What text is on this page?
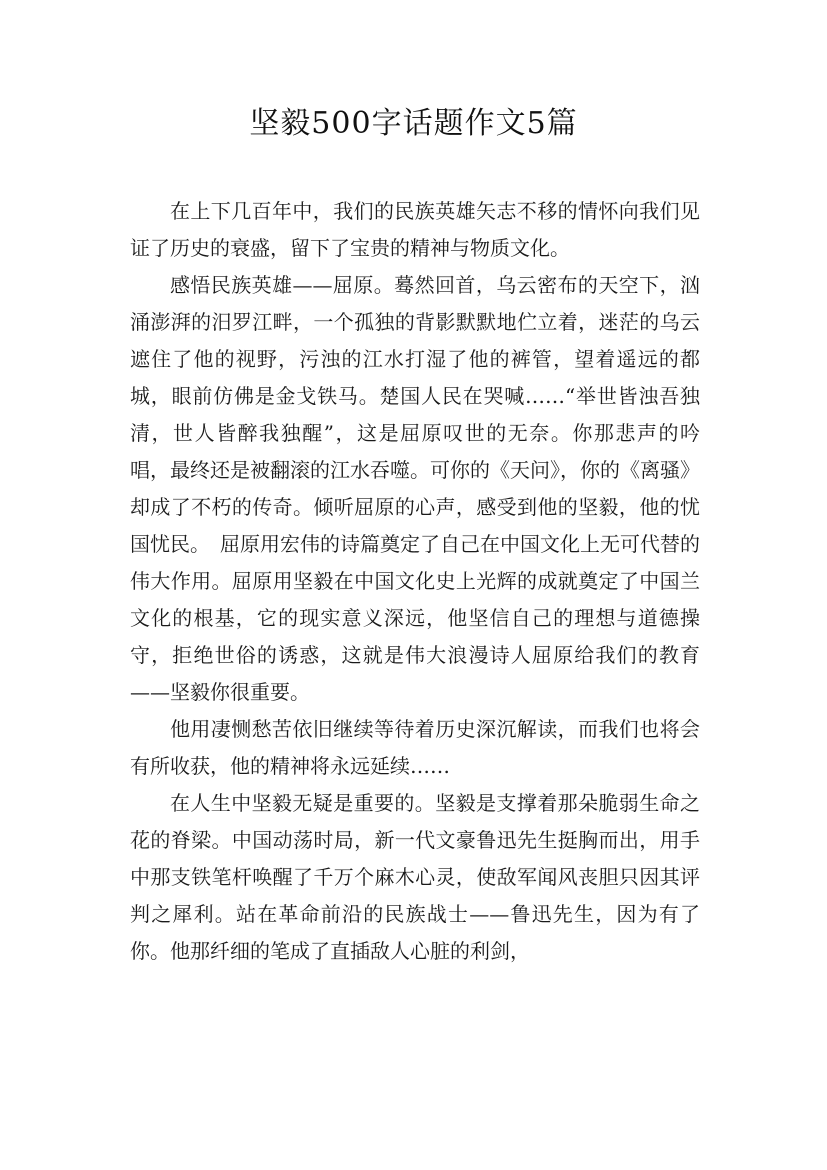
坚毅500字话题作文5篇

在上下几百年中，我们的民族英雄矢志不移的情怀向我们见证了历史的衰盛，留下了宝贵的精神与物质文化。

感悟民族英雄——屈原。蓦然回首，乌云密布的天空下，汹涌澎湃的汨罗江畔，一个孤独的背影默默地伫立着，迷茫的乌云遮住了他的视野，污浊的江水打湿了他的裤管，望着遥远的都城，眼前仿佛是金戈铁马。楚国人民在哭喊……“举世皆浊吾独清，世人皆醉我独醒”，这是屈原叹世的无奈。你那悲声的吟唱，最终还是被翻滚的江水吞噬。可你的《天问》，你的《离骚》却成了不朽的传奇。倾听屈原的心声，感受到他的坚毅，他的忧国忧民。　屈原用宏伟的诗篇奠定了自己在中国文化上无可代替的伟大作用。屈原用坚毅在中国文化史上光辉的成就奠定了中国兰文化的根基，它的现实意义深远，他坚信自己的理想与道德操守，拒绝世俗的诱惑，这就是伟大浪漫诗人屈原给我们的教育——坚毅你很重要。

他用凄恻愁苦依旧继续等待着历史深沉解读，而我们也将会有所收获，他的精神将永远延续……

在人生中坚毅无疑是重要的。坚毅是支撑着那朵脆弱生命之花的脊梁。中国动荡时局，新一代文豪鲁迅先生挺胸而出，用手中那支铁笔杆唤醒了千万个麻木心灵，使敌军闻风丧胆只因其评判之犀利。站在革命前沿的民族战士——鲁迅先生，因为有了你。他那纤细的笔成了直插敌人心脏的利剑，
